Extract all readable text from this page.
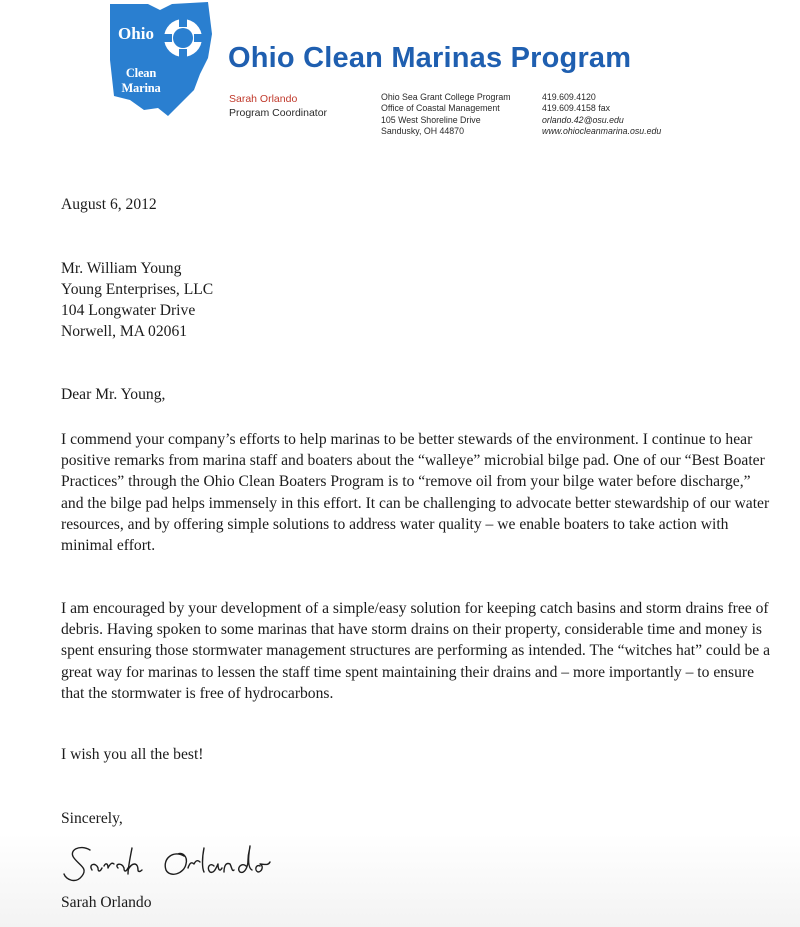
Ohio
Clean Marina
Ohio Clean Marinas Program
Sarah Orlando
Program Coordinator
Ohio Sea Grant College Program
Office of Coastal Management
105 West Shoreline Drive
Sandusky, OH 44870
419.609.4120
419.609.4158 fax
orlando.42@osu.edu
www.ohiocleanmarina.osu.edu
August 6, 2012
Mr. William Young
Young Enterprises, LLC
104 Longwater Drive
Norwell, MA 02061
Dear Mr. Young,
I commend your company’s efforts to help marinas to be better stewards of the environment. I continue to hear positive remarks from marina staff and boaters about the “walleye” microbial bilge pad. One of our “Best Boater Practices” through the Ohio Clean Boaters Program is to “remove oil from your bilge water before discharge,” and the bilge pad helps immensely in this effort. It can be challenging to advocate better stewardship of our water resources, and by offering simple solutions to address water quality – we enable boaters to take action with minimal effort.
I am encouraged by your development of a simple/easy solution for keeping catch basins and storm drains free of debris. Having spoken to some marinas that have storm drains on their property, considerable time and money is spent ensuring those stormwater management structures are performing as intended. The “witches hat” could be a great way for marinas to lessen the staff time spent maintaining their drains and – more importantly – to ensure that the stormwater is free of hydrocarbons.
I wish you all the best!
Sincerely,
Sarah Orlando
